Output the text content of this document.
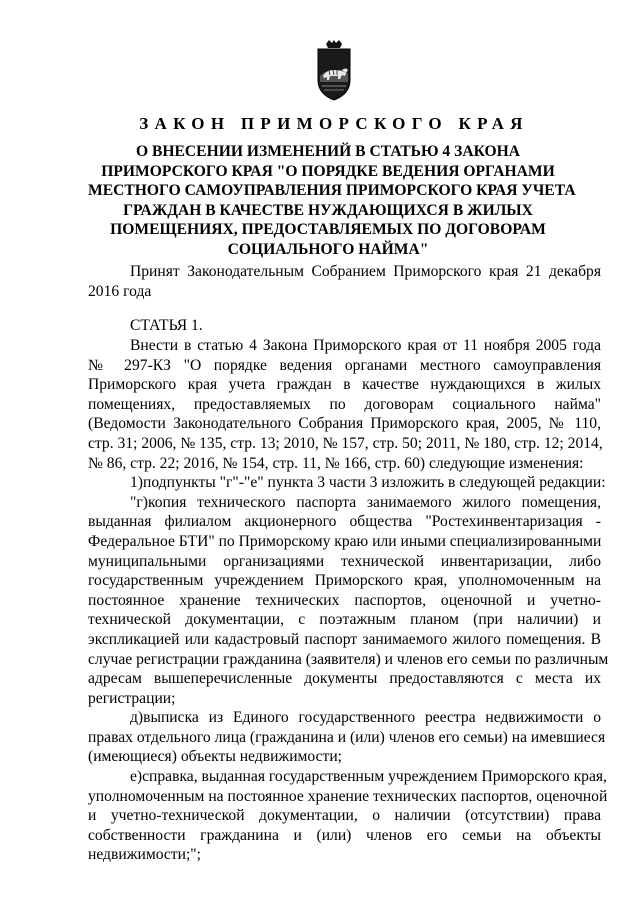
ЗАКОН ПРИМОРСКОГО КРАЯ
О ВНЕСЕНИИ ИЗМЕНЕНИЙ В СТАТЬЮ 4 ЗАКОНА
ПРИМОРСКОГО КРАЯ "О ПОРЯДКЕ ВЕДЕНИЯ ОРГАНАМИ
МЕСТНОГО САМОУПРАВЛЕНИЯ ПРИМОРСКОГО КРАЯ УЧЕТА
ГРАЖДАН В КАЧЕСТВЕ НУЖДАЮЩИХСЯ В ЖИЛЫХ
ПОМЕЩЕНИЯХ, ПРЕДОСТАВЛЯЕМЫХ ПО ДОГОВОРАМ
СОЦИАЛЬНОГО НАЙМА"
Принят Законодательным Собранием Приморского края 21 декабря
2016 года
СТАТЬЯ 1.
Внести в статью 4 Закона Приморского края от 11 ноября 2005 года
№ 297-КЗ "О порядке ведения органами местного самоуправления
Приморского края учета граждан в качестве нуждающихся в жилых
помещениях, предоставляемых по договорам социального найма"
(Ведомости Законодательного Собрания Приморского края, 2005, № 110,
стр. 31; 2006, № 135, стр. 13; 2010, № 157, стр. 50; 2011, № 180, стр. 12; 2014,
№ 86, стр. 22; 2016, № 154, стр. 11, № 166, стр. 60) следующие изменения:
1)подпункты "г"-"е" пункта 3 части 3 изложить в следующей редакции:
"г)копия технического паспорта занимаемого жилого помещения,
выданная филиалом акционерного общества "Ростехинвентаризация -
Федеральное БТИ" по Приморскому краю или иными специализированными
муниципальными организациями технической инвентаризации, либо
государственным учреждением Приморского края, уполномоченным на
постоянное хранение технических паспортов, оценочной и учетно-
технической документации, с поэтажным планом (при наличии) и
экспликацией или кадастровый паспорт занимаемого жилого помещения. В
случае регистрации гражданина (заявителя) и членов его семьи по различным
адресам вышеперечисленные документы предоставляются с места их
регистрации;
д)выписка из Единого государственного реестра недвижимости о
правах отдельного лица (гражданина и (или) членов его семьи) на имевшиеся
(имеющиеся) объекты недвижимости;
е)справка, выданная государственным учреждением Приморского края,
уполномоченным на постоянное хранение технических паспортов, оценочной
и учетно-технической документации, о наличии (отсутствии) права
собственности гражданина и (или) членов его семьи на объекты
недвижимости;";
